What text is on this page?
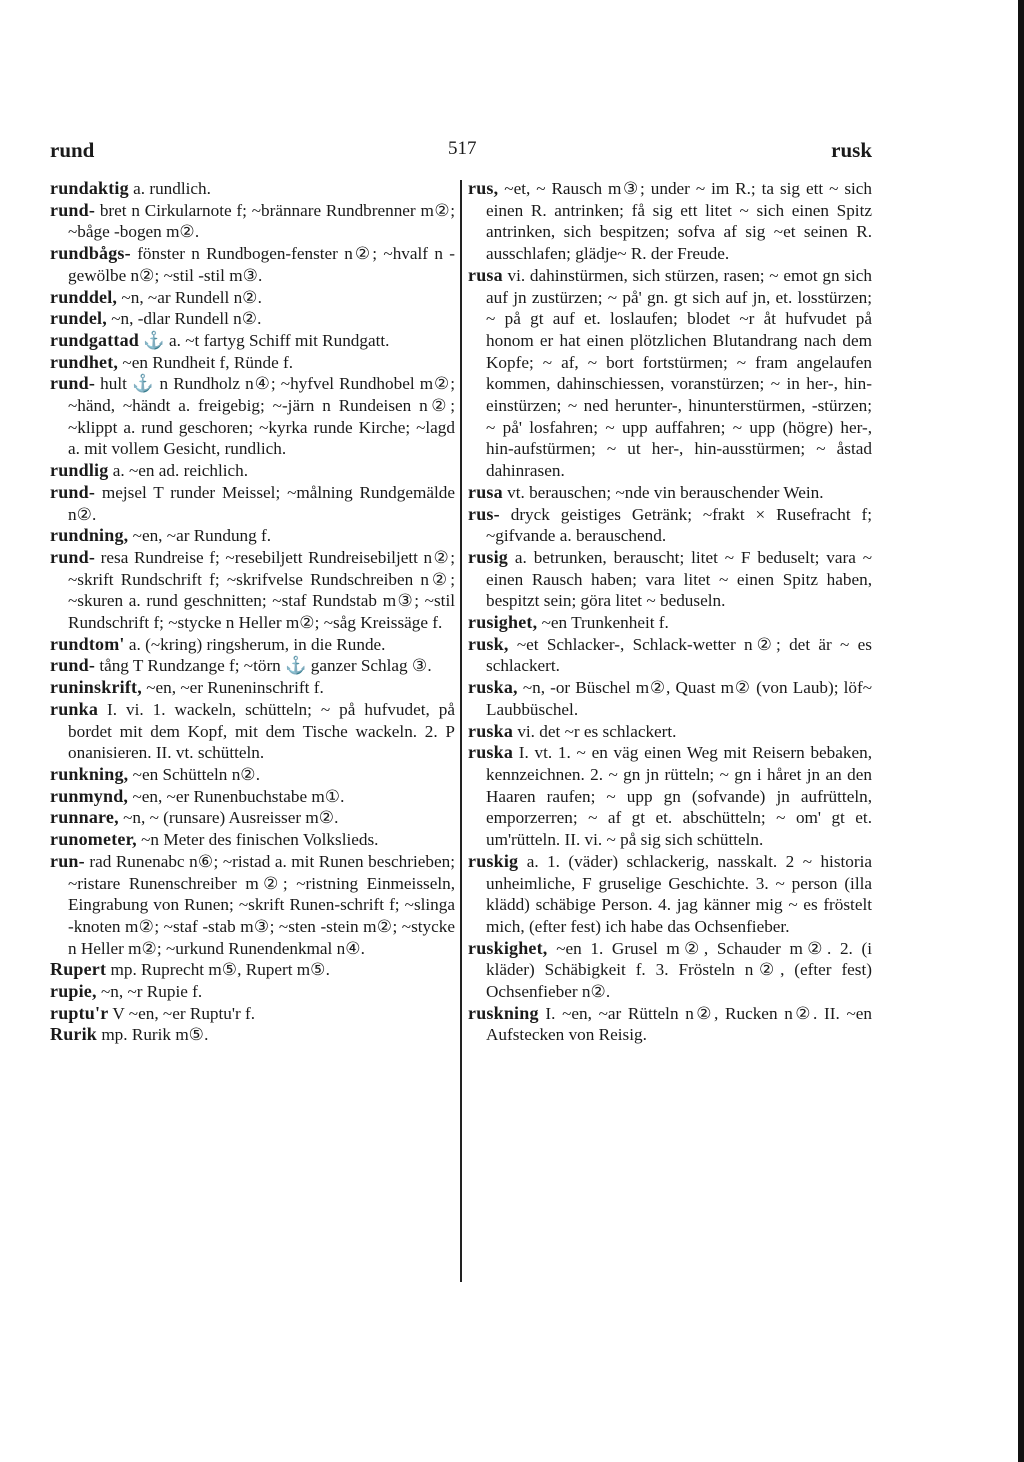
rund	517	rusk

rundaktig a. rundlich.

rund- bret n Cirkularnote f; ~brännare Rundbrenner m②; ~båge -bogen m②.

rundbågs- fönster n Rundbogen-fenster n②; ~hvalf n -gewölbe n②; ~stil -stil m③.

runddel, ~n, ~ar Rundell n②.

rundel, ~n, -dlar Rundell n②.

rundgattad ⚓ a. ~t fartyg Schiff mit Rundgatt.

rundhet, ~en Rundheit f, Ründe f.

rund- hult ⚓ n Rundholz n④; ~hyfvel Rundhobel m②; ~händ, ~händt a. freigebig; ~-järn n Rundeisen n②; ~klippt a. rund geschoren; ~kyrka runde Kirche; ~lagd a. mit vollem Gesicht, rundlich.

rundlig a. ~en ad. reichlich.

rund- mejsel T runder Meissel; ~målning Rundgemälde n②.

rundning, ~en, ~ar Rundung f.

rund- resa Rundreise f; ~resebiljett Rundreisebiljett n②; ~skrift Rundschrift f; ~skrifvelse Rundschreiben n②; ~skuren a. rund geschnitten; ~staf Rundstab m③; ~stil Rundschrift f; ~stycke n Heller m②; ~såg Kreissäge f.

rundtom' a. (~kring) ringsherum, in die Runde.

rund- tång T Rundzange f; ~törn ⚓ ganzer Schlag ③.

runinskrift, ~en, ~er Runeninschrift f.

runka I. vi. 1. wackeln, schütteln; ~ på hufvudet, på bordet mit dem Kopf, mit dem Tische wackeln. 2. P onanisieren. II. vt. schütteln.

runkning, ~en Schütteln n②.

runmynd, ~en, ~er Runenbuchstabe m①.

runnare, ~n, ~ (runsare) Ausreisser m②.

runometer, ~n Meter des finischen Volkslieds.

run- rad Runenabc n⑥; ~ristad a. mit Runen beschrieben; ~ristare Runenschreiber m②; ~ristning Einmeisseln, Eingrabung von Runen; ~skrift Runen-schrift f; ~slinga -knoten m②; ~staf -stab m③; ~sten -stein m②; ~stycke n Heller m②; ~urkund Runendenkmal n④.

Rupert mp. Ruprecht m⑤, Rupert m⑤.

rupie, ~n, ~r Rupie f.

ruptu'r V ~en, ~er Ruptu'r f.

Rurik mp. Rurik m⑤.

rus, ~et, ~ Rausch m③; under ~ im R.; ta sig ett ~ sich einen R. antrinken; få sig ett litet ~ sich einen Spitz antrinken, sich bespitzen; sofva af sig ~et seinen R. ausschlafen; glädje~ R. der Freude.

rusa vi. dahinstürmen, sich stürzen, rasen; ~ emot gn sich auf jn zustürzen; ~ på' gn. gt sich auf jn, et. losstürzen; ~ på gt auf et. loslaufen; blodet ~r åt hufvudet på honom er hat einen plötzlichen Blutandrang nach dem Kopfe; ~ af, ~ bort fortstürmen; ~ fram angelaufen kommen, dahinschiessen, voranstürzen; ~ in her-, hin-einstürzen; ~ ned herunter-, hinunterstürmen, -stürzen; ~ på' losfahren; ~ upp auffahren; ~ upp (högre) her-, hin-aufstürmen; ~ ut her-, hin-ausstürmen; ~ åstad dahinrasen.

rusa vt. berauschen; ~nde vin berauschender Wein.

rus- dryck geistiges Getränk; ~frakt × Rusefracht f; ~gifvande a. berauschend.

rusig a. betrunken, berauscht; litet ~ F beduselt; vara ~ einen Rausch haben; vara litet ~ einen Spitz haben, bespitzt sein; göra litet ~ beduseln.

rusighet, ~en Trunkenheit f.

rusk, ~et Schlacker-, Schlack-wetter n②; det är ~ es schlackert.

ruska, ~n, -or Büschel m②, Quast m② (von Laub); löf~ Laubbüschel.

ruska vi. det ~r es schlackert.

ruska I. vt. 1. ~ en väg einen Weg mit Reisern bebaken, kennzeichnen. 2. ~ gn jn rütteln; ~ gn i håret jn an den Haaren raufen; ~ upp gn (sofvande) jn aufrütteln, emporzerren; ~ af gt et. abschütteln; ~ om' gt et. um'rütteln. II. vi. ~ på sig sich schütteln.

ruskig a. 1. (väder) schlackerig, nasskalt. 2 ~ historia unheimliche, F gruselige Geschichte. 3. ~ person (illa klädd) schäbige Person. 4. jag känner mig ~ es fröstelt mich, (efter fest) ich habe das Ochsenfieber.

ruskighet, ~en 1. Grusel m②, Schauder m②. 2. (i kläder) Schäbigkeit f. 3. Frösteln n②, (efter fest) Ochsenfieber n②.

ruskning I. ~en, ~ar Rütteln n②, Rucken n②. II. ~en Aufstecken von Reisig.
